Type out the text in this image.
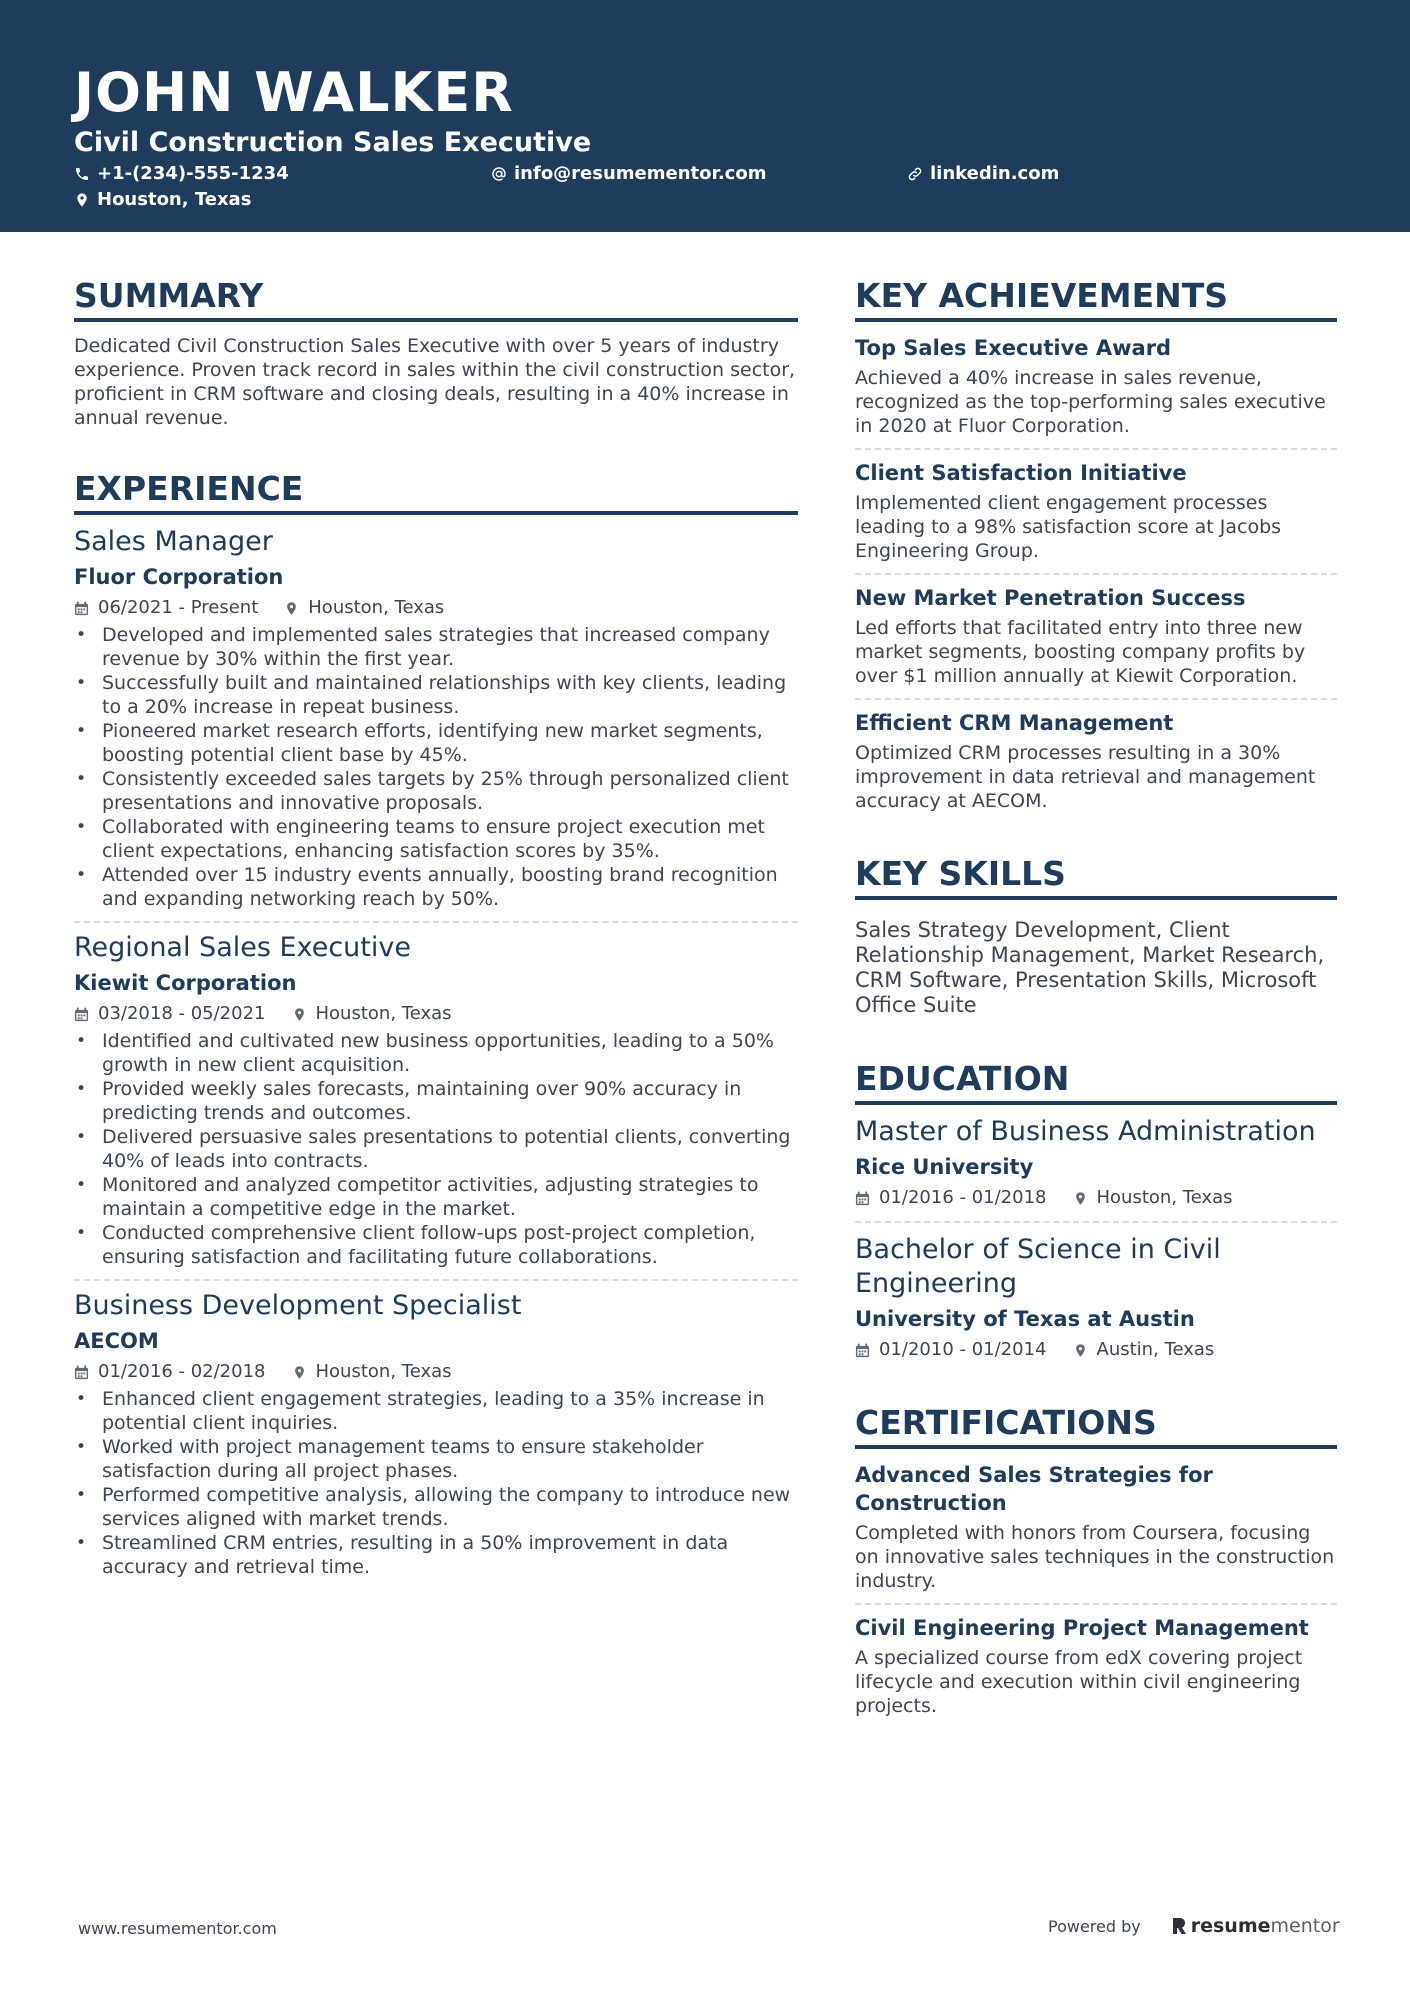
JOHN WALKER
Civil Construction Sales Executive
+1-(234)-555-1234	info@resumementor.com	linkedin.com
Houston, Texas
SUMMARY

Dedicated Civil Construction Sales Executive with over 5 years of industry experience. Proven track record in sales within the civil construction sector, proficient in CRM software and closing deals, resulting in a 40% increase in annual revenue.

EXPERIENCE
Sales Manager
Fluor Corporation
06/2021 - Present	Houston, Texas
• Developed and implemented sales strategies that increased company revenue by 30% within the first year.
• Successfully built and maintained relationships with key clients, leading to a 20% increase in repeat business.
• Pioneered market research efforts, identifying new market segments, boosting potential client base by 45%.
• Consistently exceeded sales targets by 25% through personalized client presentations and innovative proposals.
• Collaborated with engineering teams to ensure project execution met client expectations, enhancing satisfaction scores by 35%.
• Attended over 15 industry events annually, boosting brand recognition and expanding networking reach by 50%.
Regional Sales Executive
Kiewit Corporation
03/2018 - 05/2021	Houston, Texas
• Identified and cultivated new business opportunities, leading to a 50% growth in new client acquisition.
• Provided weekly sales forecasts, maintaining over 90% accuracy in predicting trends and outcomes.
• Delivered persuasive sales presentations to potential clients, converting 40% of leads into contracts.
• Monitored and analyzed competitor activities, adjusting strategies to maintain a competitive edge in the market.
• Conducted comprehensive client follow-ups post-project completion, ensuring satisfaction and facilitating future collaborations.
Business Development Specialist
AECOM
01/2016 - 02/2018	Houston, Texas
• Enhanced client engagement strategies, leading to a 35% increase in potential client inquiries.
• Worked with project management teams to ensure stakeholder satisfaction during all project phases.
• Performed competitive analysis, allowing the company to introduce new services aligned with market trends.
• Streamlined CRM entries, resulting in a 50% improvement in data accuracy and retrieval time.
KEY ACHIEVEMENTS
Top Sales Executive Award

Achieved a 40% increase in sales revenue, recognized as the top-performing sales executive in 2020 at Fluor Corporation.

Client Satisfaction Initiative

Implemented client engagement processes leading to a 98% satisfaction score at Jacobs Engineering Group.

New Market Penetration Success

Led efforts that facilitated entry into three new market segments, boosting company profits by over $1 million annually at Kiewit Corporation.

Efficient CRM Management

Optimized CRM processes resulting in a 30% improvement in data retrieval and management accuracy at AECOM.

KEY SKILLS

Sales Strategy Development, Client Relationship Management, Market Research, CRM Software, Presentation Skills, Microsoft Office Suite

EDUCATION
Master of Business Administration
Rice University
01/2016 - 01/2018	Houston, Texas
Bachelor of Science in Civil Engineering
University of Texas at Austin
01/2010 - 01/2014	Austin, Texas
CERTIFICATIONS
Advanced Sales Strategies for Construction

Completed with honors from Coursera, focusing on innovative sales techniques in the construction industry.

Civil Engineering Project Management

A specialized course from edX covering project lifecycle and execution within civil engineering projects.

www.resumementor.com	Powered by	resume mentor
